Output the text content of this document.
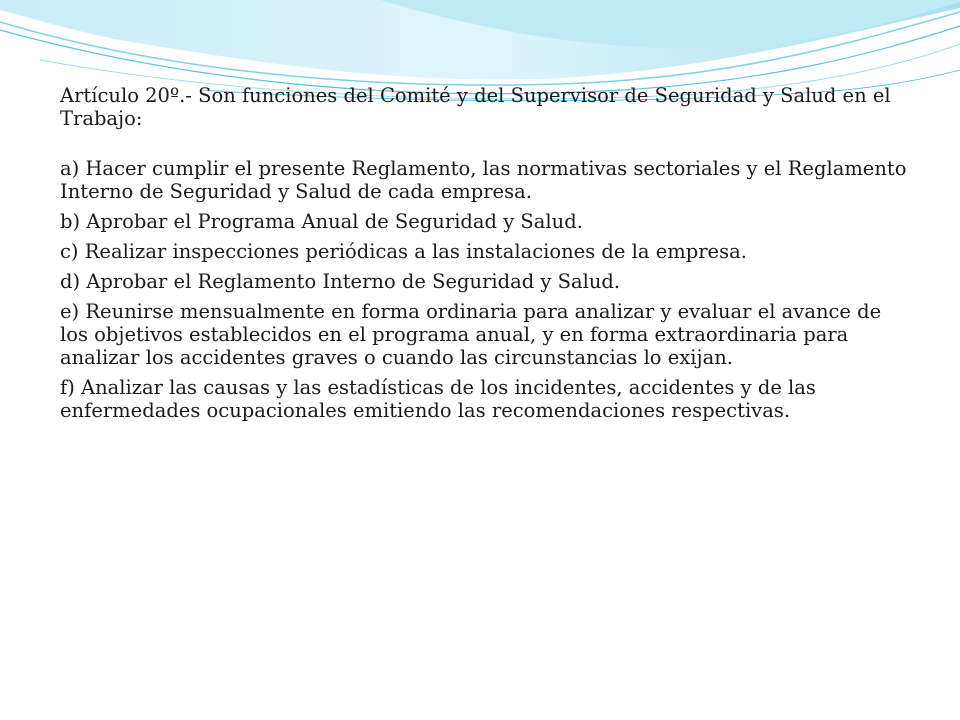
Artículo 20º.- Son funciones del Comité y del Supervisor de Seguridad y Salud en el Trabajo:

a) Hacer cumplir el presente Reglamento, las normativas sectoriales y el Reglamento Interno de Seguridad y Salud de cada empresa.

b) Aprobar el Programa Anual de Seguridad y Salud.

c) Realizar inspecciones periódicas a las instalaciones de la empresa.

d) Aprobar el Reglamento Interno de Seguridad y Salud.

e) Reunirse mensualmente en forma ordinaria para analizar y evaluar el avance de los objetivos establecidos en el programa anual, y en forma extraordinaria para analizar los accidentes graves o cuando las circunstancias lo exijan.

f) Analizar las causas y las estadísticas de los incidentes, accidentes y de las enfermedades ocupacionales emitiendo las recomendaciones respectivas.
